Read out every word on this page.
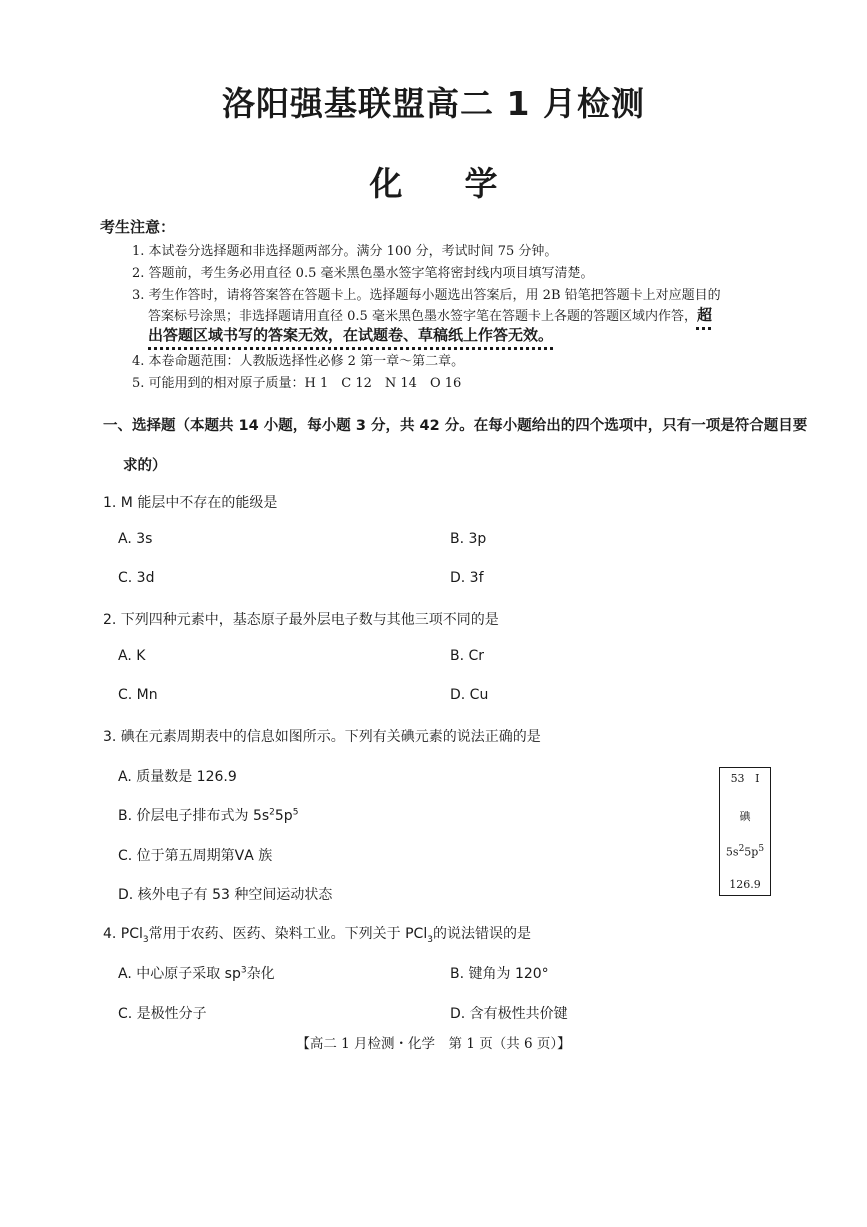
洛阳强基联盟高二 1 月检测
化学
考生注意：
1. 本试卷分选择题和非选择题两部分。满分 100 分，考试时间 75 分钟。
2. 答题前，考生务必用直径 0.5 毫米黑色墨水签字笔将密封线内项目填写清楚。
3. 考生作答时，请将答案答在答题卡上。选择题每小题选出答案后，用 2B 铅笔把答题卡上对应题目的
答案标号涂黑；非选择题请用直径 0.5 毫米黑色墨水签字笔在答题卡上各题的答题区域内作答，超
出答题区域书写的答案无效，在试题卷、草稿纸上作答无效。
4. 本卷命题范围：人教版选择性必修 2 第一章～第二章。
5. 可能用到的相对原子质量：H 1　C 12　N 14　O 16
一、选择题（本题共 14 小题，每小题 3 分，共 42 分。在每小题给出的四个选项中，只有一项是符合题目要
求的）
1. M 能层中不存在的能级是
A. 3s	B. 3p
C. 3d	D. 3f
2. 下列四种元素中，基态原子最外层电子数与其他三项不同的是
A. K	B. Cr
C. Mn	D. Cu
3. 碘在元素周期表中的信息如图所示。下列有关碘元素的说法正确的是
A. 质量数是 126.9
B. 价层电子排布式为 $5s^25p^5$
C. 位于第五周期第ⅤA 族
D. 核外电子有 53 种空间运动状态
53 I
碘
$5s^25p^5$
126.9
4. PCl$_3$常用于农药、医药、染料工业。下列关于 PCl$_3$的说法错误的是
A. 中心原子采取 $sp^3$杂化	B. 键角为 120°
C. 是极性分子	D. 含有极性共价键
【高二 1 月检测・化学　第 1 页（共 6 页）】
